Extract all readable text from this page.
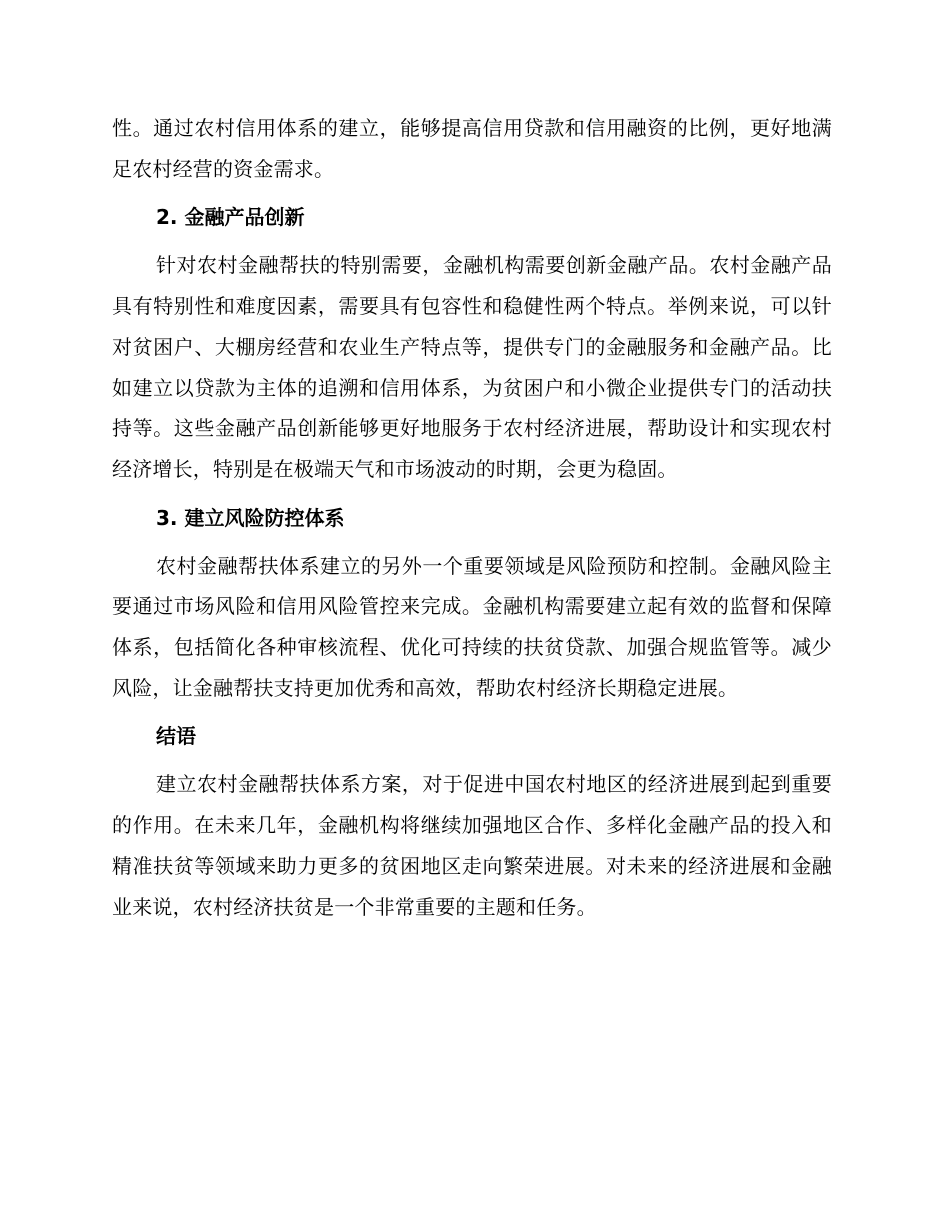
性。通过农村信用体系的建立，能够提高信用贷款和信用融资的比例，更好地满足农村经营的资金需求。

2. 金融产品创新

针对农村金融帮扶的特别需要，金融机构需要创新金融产品。农村金融产品具有特别性和难度因素，需要具有包容性和稳健性两个特点。举例来说，可以针对贫困户、大棚房经营和农业生产特点等，提供专门的金融服务和金融产品。比如建立以贷款为主体的追溯和信用体系，为贫困户和小微企业提供专门的活动扶持等。这些金融产品创新能够更好地服务于农村经济进展，帮助设计和实现农村经济增长，特别是在极端天气和市场波动的时期，会更为稳固。

3. 建立风险防控体系

农村金融帮扶体系建立的另外一个重要领域是风险预防和控制。金融风险主要通过市场风险和信用风险管控来完成。金融机构需要建立起有效的监督和保障体系，包括简化各种审核流程、优化可持续的扶贫贷款、加强合规监管等。减少风险，让金融帮扶支持更加优秀和高效，帮助农村经济长期稳定进展。

结语

建立农村金融帮扶体系方案，对于促进中国农村地区的经济进展到起到重要的作用。在未来几年，金融机构将继续加强地区合作、多样化金融产品的投入和精准扶贫等领域来助力更多的贫困地区走向繁荣进展。对未来的经济进展和金融业来说，农村经济扶贫是一个非常重要的主题和任务。
